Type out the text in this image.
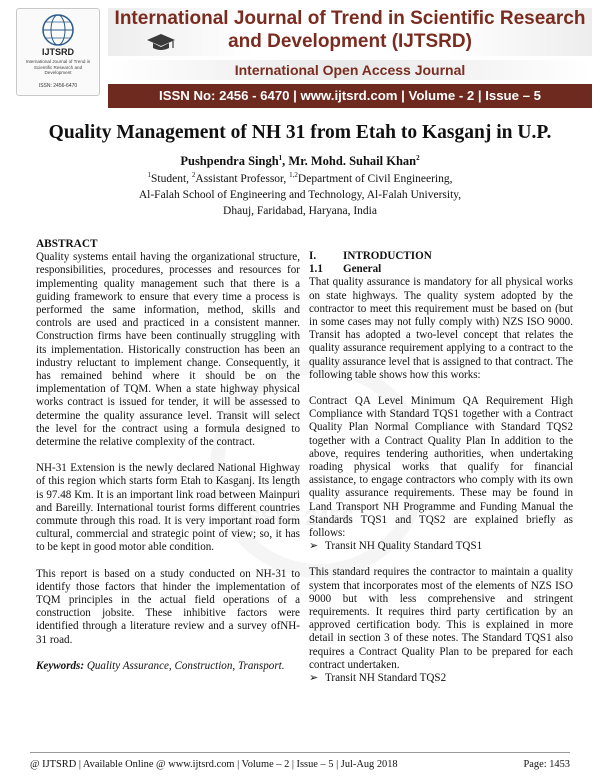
IJTSRD
International Journal of Trend in Scientific Research and Development
ISSN: 2456-6470
International Journal of Trend in Scientific Research and Development (IJTSRD)
International Open Access Journal
ISSN No: 2456 - 6470 | www.ijtsrd.com | Volume - 2 | Issue – 5
Quality Management of NH 31 from Etah to Kasganj in U.P.
Pushpendra Singh$^1$, Mr. Mohd. Suhail Khan$^2$
$^1$Student, $^2$Assistant Professor, $^{1,2}$Department of Civil Engineering,
Al-Falah School of Engineering and Technology, Al-Falah University,
Dhauj, Faridabad, Haryana, India
ISSN: 2456

ABSTRACT

Quality systems entail having the organizational structure, responsibilities, procedures, processes and resources for implementing quality management such that there is a guiding framework to ensure that every time a process is performed the same information, method, skills and controls are used and practiced in a consistent manner. Construction firms have been continually struggling with its implementation. Historically construction has been an industry reluctant to implement change. Consequently, it has remained behind where it should be on the implementation of TQM. When a state highway physical works contract is issued for tender, it will be assessed to determine the quality assurance level. Transit will select the level for the contract using a formula designed to determine the relative complexity of the contract.

NH-31 Extension is the newly declared National Highway of this region which starts form Etah to Kasganj. Its length is 97.48 Km. It is an important link road between Mainpuri and Bareilly. International tourist forms different countries commute through this road. It is very important road form cultural, commercial and strategic point of view; so, it has to be kept in good motor able condition.

This report is based on a study conducted on NH-31 to identify those factors that hinder the implementation of TQM principles in the actual field operations of a construction jobsite. These inhibitive factors were identified through a literature review and a survey ofNH-31 road.

Keywords: Quality Assurance, Construction, Transport.

I.	INTRODUCTION
1.1	General

That quality assurance is mandatory for all physical works on state highways. The quality system adopted by the contractor to meet this requirement must be based on (but in some cases may not fully comply with) NZS ISO 9000. Transit has adopted a two-level concept that relates the quality assurance requirement applying to a contract to the quality assurance level that is assigned to that contract. The following table shows how this works:

Contract QA Level Minimum QA Requirement High Compliance with Standard TQS1 together with a Contract Quality Plan Normal Compliance with Standard TQS2 together with a Contract Quality Plan In addition to the above, requires tendering authorities, when undertaking roading physical works that qualify for financial assistance, to engage contractors who comply with its own quality assurance requirements. These may be found in Land Transport NH Programme and Funding Manual the Standards TQS1 and TQS2 are explained briefly as follows:

➢ Transit NH Quality Standard TQS1

This standard requires the contractor to maintain a quality system that incorporates most of the elements of NZS ISO 9000 but with less comprehensive and stringent requirements. It requires third party certification by an approved certification body. This is explained in more detail in section 3 of these notes. The Standard TQS1 also requires a Contract Quality Plan to be prepared for each contract undertaken.

➢ Transit NH Standard TQS2
@ IJTSRD | Available Online @ www.ijtsrd.com | Volume – 2 | Issue – 5 | Jul-Aug 2018	Page: 1453
